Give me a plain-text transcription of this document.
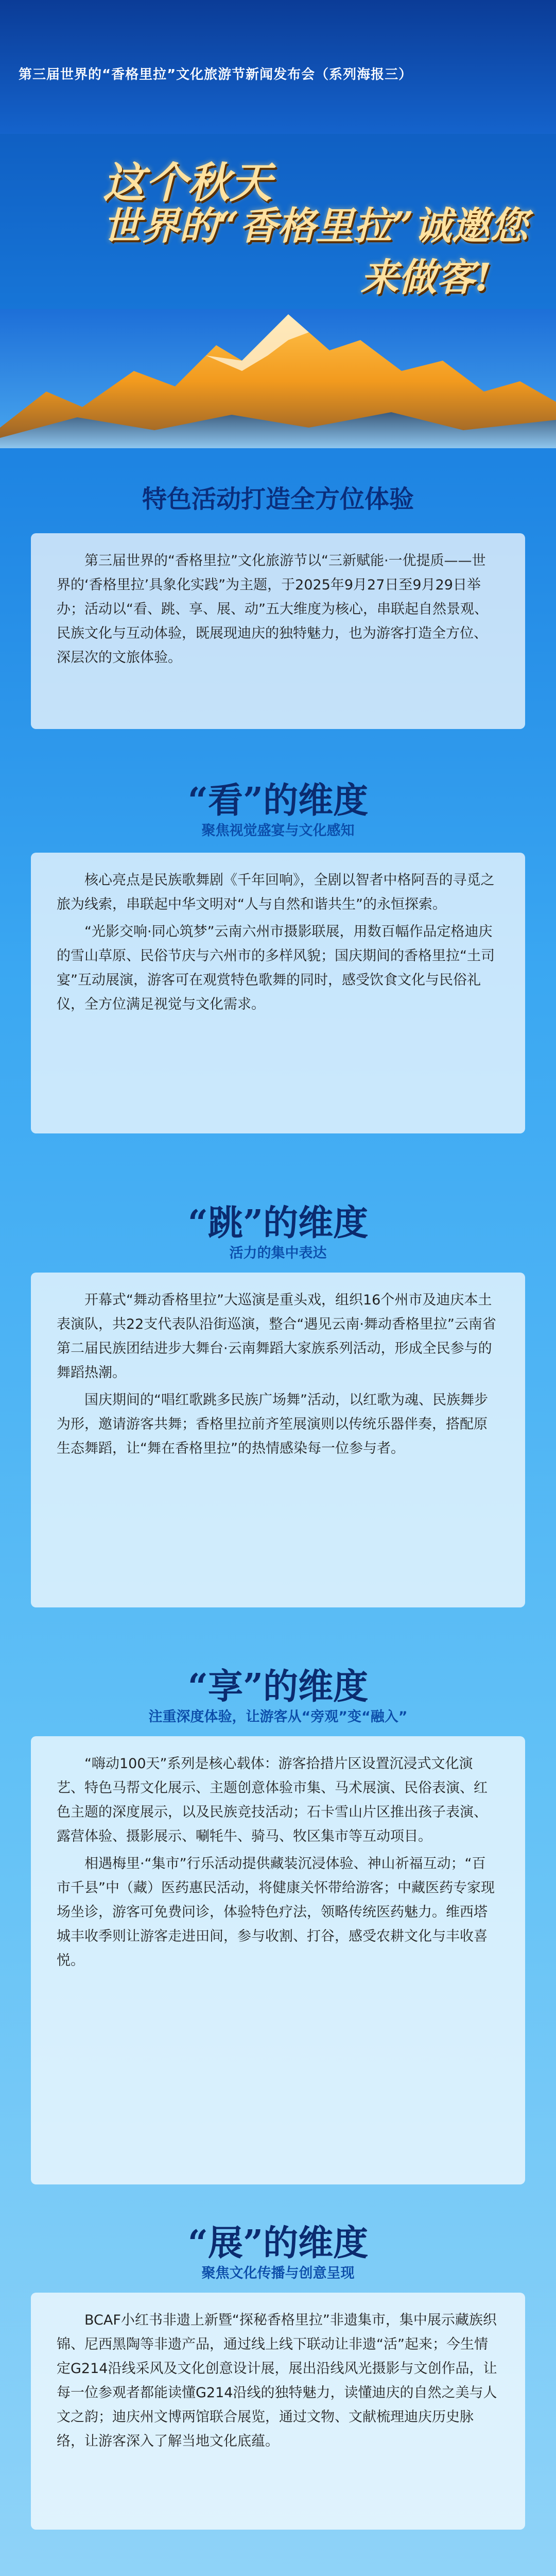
第三届世界的“香格里拉”文化旅游节新闻发布会（系列海报三）
这个秋天
世界的“香格里拉”诚邀您
来做客!
特色活动打造全方位体验

第三届世界的“香格里拉”文化旅游节以“三新赋能·一优提质——世界的‘香格里拉’具象化实践”为主题，于2025年9月27日至9月29日举办；活动以“看、跳、享、展、动”五大维度为核心，串联起自然景观、民族文化与互动体验，既展现迪庆的独特魅力，也为游客打造全方位、深层次的文旅体验。

“看”的维度
聚焦视觉盛宴与文化感知

核心亮点是民族歌舞剧《千年回响》，全剧以智者中格阿吾的寻觅之旅为线索，串联起中华文明对“人与自然和谐共生”的永恒探索。

“光影交响·同心筑梦”云南六州市摄影联展，用数百幅作品定格迪庆的雪山草原、民俗节庆与六州市的多样风貌；国庆期间的香格里拉“土司宴”互动展演，游客可在观赏特色歌舞的同时，感受饮食文化与民俗礼仪，全方位满足视觉与文化需求。

“跳”的维度
活力的集中表达

开幕式“舞动香格里拉”大巡演是重头戏，组织16个州市及迪庆本土表演队，共22支代表队沿街巡演，整合“遇见云南·舞动香格里拉”云南省第二届民族团结进步大舞台·云南舞蹈大家族系列活动，形成全民参与的舞蹈热潮。

国庆期间的“唱红歌跳多民族广场舞”活动，以红歌为魂、民族舞步为形，邀请游客共舞；香格里拉前齐笙展演则以传统乐器伴奏，搭配原生态舞蹈，让“舞在香格里拉”的热情感染每一位参与者。

“享”的维度
注重深度体验，让游客从“旁观”变“融入”

“嗨动100天”系列是核心载体：游客拾措片区设置沉浸式文化演艺、特色马帮文化展示、主题创意体验市集、马术展演、民俗表演、红色主题的深度展示，以及民族竞技活动；石卡雪山片区推出孩子表演、露营体验、摄影展示、唰牦牛、骑马、牧区集市等互动项目。

相遇梅里·“集市”行乐活动提供藏装沉浸体验、神山祈福互动；“百市千县”中（藏）医药惠民活动，将健康关怀带给游客；中藏医药专家现场坐诊，游客可免费问诊，体验特色疗法，领略传统医药魅力。维西塔城丰收季则让游客走进田间，参与收割、打谷，感受农耕文化与丰收喜悦。

“展”的维度
聚焦文化传播与创意呈现

BCAF小红书非遗上新暨“探秘香格里拉”非遗集市，集中展示藏族织锦、尼西黑陶等非遗产品，通过线上线下联动让非遗“活”起来；今生情定G214沿线采风及文化创意设计展，展出沿线风光摄影与文创作品，让每一位参观者都能读懂G214沿线的独特魅力，读懂迪庆的自然之美与人文之韵；迪庆州文博两馆联合展览，通过文物、文献梳理迪庆历史脉络，让游客深入了解当地文化底蕴。
